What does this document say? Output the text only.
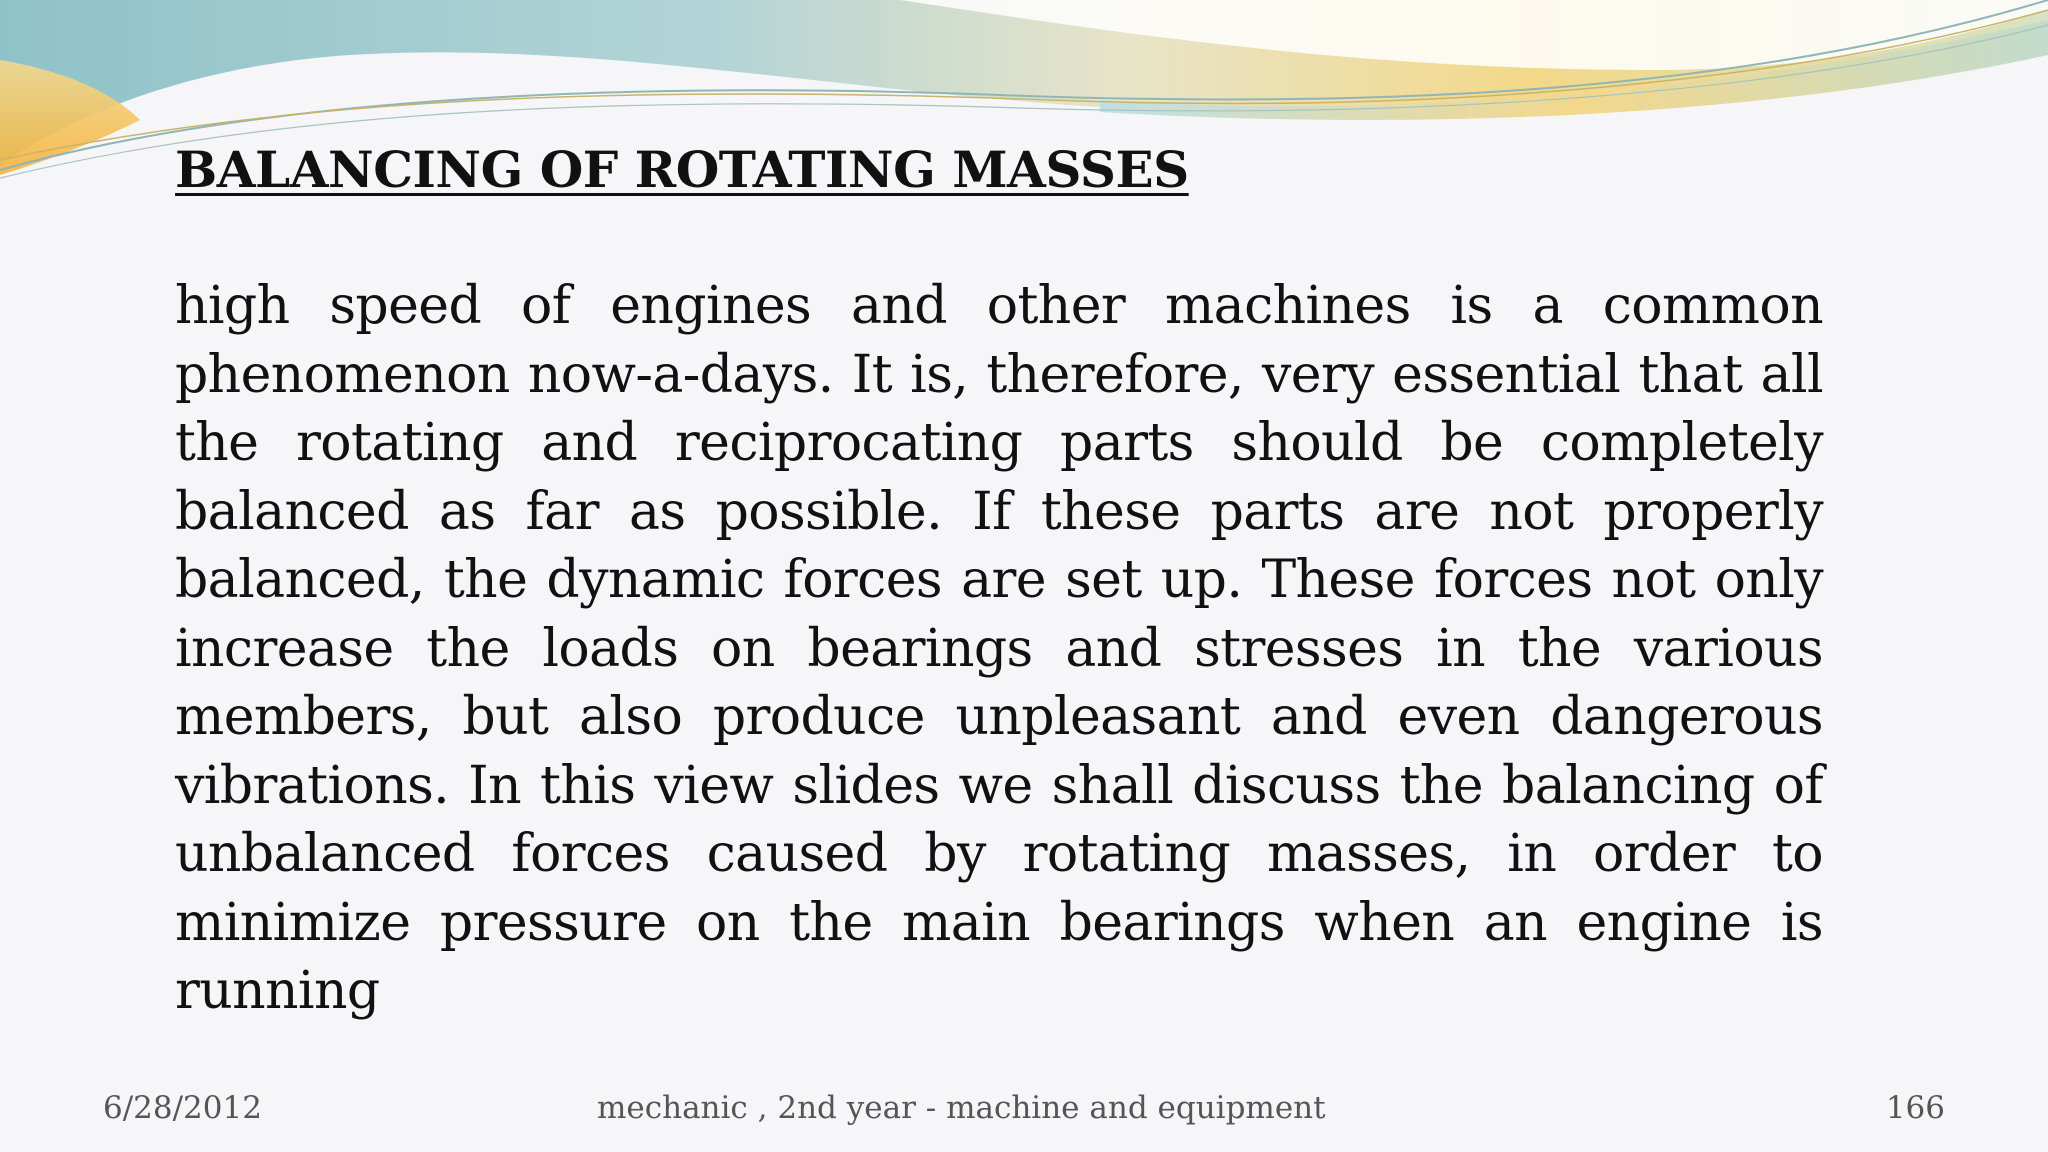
BALANCING OF ROTATING MASSES

high speed of engines and other machines is a common phenomenon now-a-days. It is, therefore, very essential that all the rotating and reciprocating parts should be completely balanced as far as possible. If these parts are not properly balanced, the dynamic forces are set up. These forces not only increase the loads on bearings and stresses in the various members, but also produce unpleasant and even dangerous vibrations. In this view slides we shall discuss the balancing of unbalanced forces caused by rotating masses, in order to minimize pressure on the main bearings when an engine is running

6/28/2012	mechanic , 2nd year - machine and equipment	166
